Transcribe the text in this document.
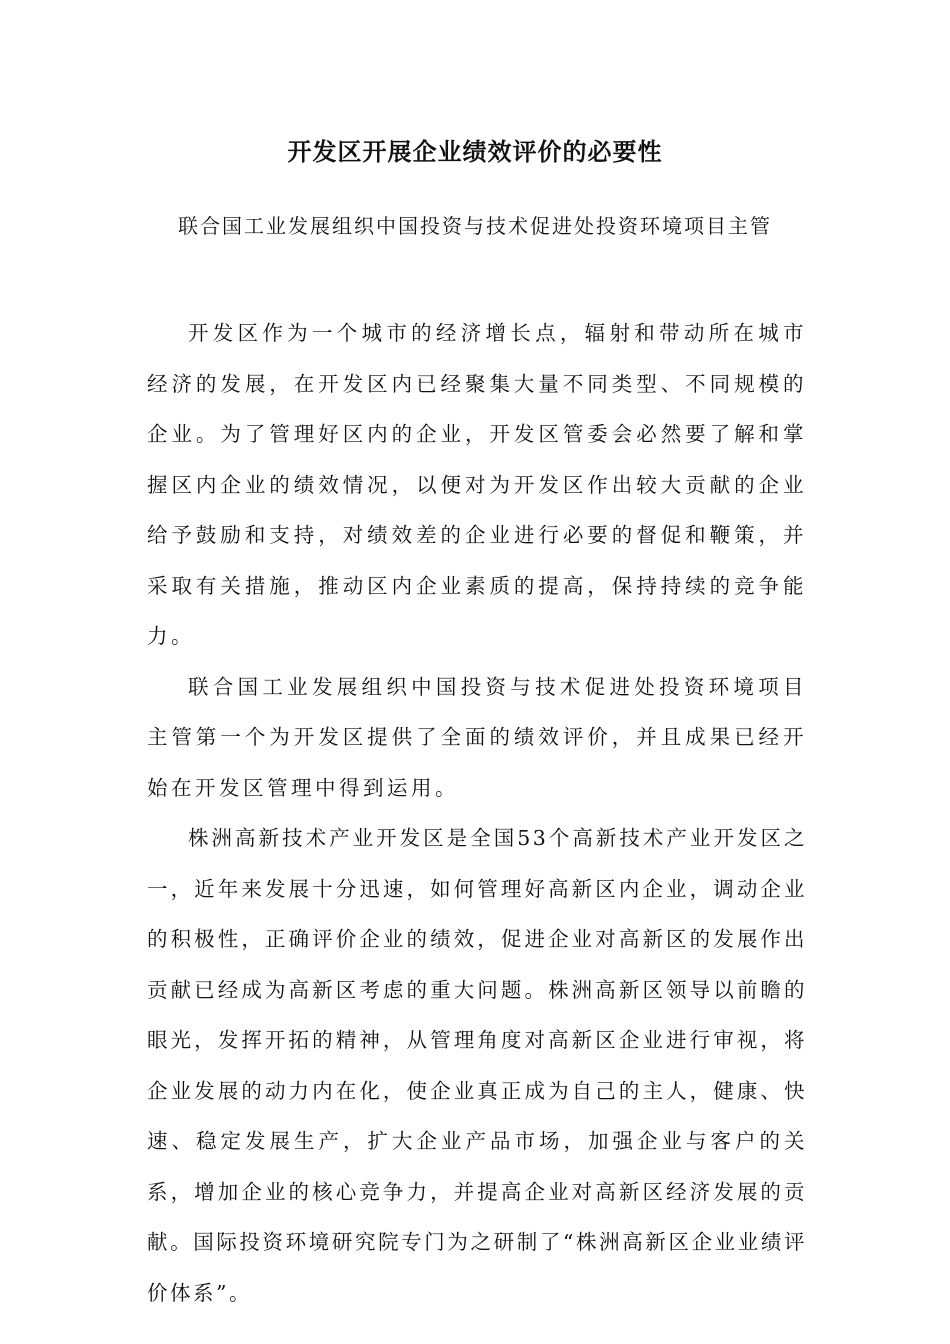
开发区开展企业绩效评价的必要性
联合国工业发展组织中国投资与技术促进处投资环境项目主管

开发区作为一个城市的经济增长点，辐射和带动所在城市经济的发展，在开发区内已经聚集大量不同类型、不同规模的企业。为了管理好区内的企业，开发区管委会必然要了解和掌握区内企业的绩效情况，以便对为开发区作出较大贡献的企业给予鼓励和支持，对绩效差的企业进行必要的督促和鞭策，并采取有关措施，推动区内企业素质的提高，保持持续的竞争能力。

联合国工业发展组织中国投资与技术促进处投资环境项目主管第一个为开发区提供了全面的绩效评价，并且成果已经开始在开发区管理中得到运用。

株洲高新技术产业开发区是全国53个高新技术产业开发区之一，近年来发展十分迅速，如何管理好高新区内企业，调动企业的积极性，正确评价企业的绩效，促进企业对高新区的发展作出贡献已经成为高新区考虑的重大问题。株洲高新区领导以前瞻的眼光，发挥开拓的精神，从管理角度对高新区企业进行审视，将企业发展的动力内在化，使企业真正成为自己的主人，健康、快速、稳定发展生产，扩大企业产品市场，加强企业与客户的关系，增加企业的核心竞争力，并提高企业对高新区经济发展的贡献。国际投资环境研究院专门为之研制了“株洲高新区企业业绩评价体系”。
